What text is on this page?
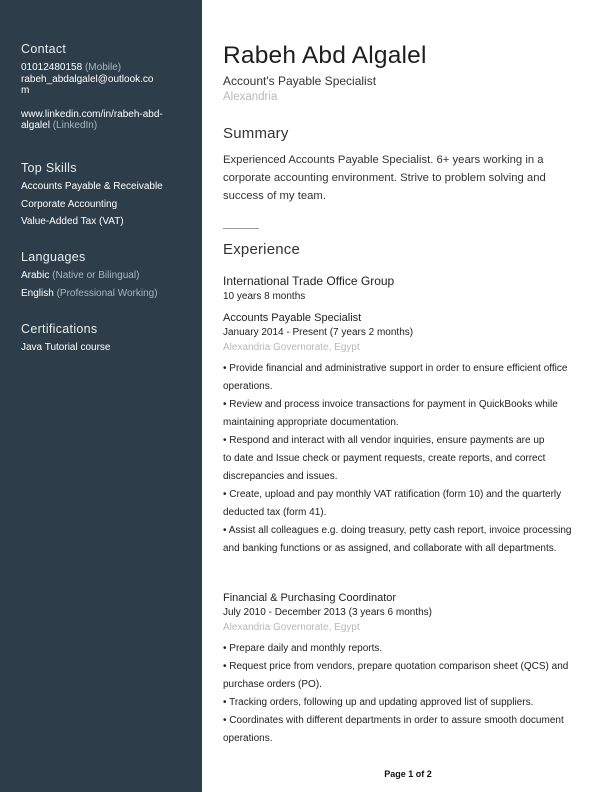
Contact
01012480158 (Mobile)
rabeh_abdalgalel@outlook.co
m
www.linkedin.com/in/rabeh-abd-
algalel (LinkedIn)
Top Skills
Accounts Payable & Receivable
Corporate Accounting
Value-Added Tax (VAT)
Languages
Arabic (Native or Bilingual)
English (Professional Working)
Certifications
Java Tutorial course
Rabeh Abd Algalel
Account's Payable Specialist
Alexandria
Summary
Experienced Accounts Payable Specialist. 6+ years working in a corporate accounting environment. Strive to problem solving and success of my team.
Experience
International Trade Office Group
10 years 8 months
Accounts Payable Specialist
January 2014 - Present (7 years 2 months)
Alexandria Governorate, Egypt

• Provide financial and administrative support in order to ensure efficient office operations.

• Review and process invoice transactions for payment in QuickBooks while maintaining appropriate documentation.

• Respond and interact with all vendor inquiries, ensure payments are up

to date and Issue check or payment requests, create reports, and correct discrepancies and issues.

• Create, upload and pay monthly VAT ratification (form 10) and the quarterly deducted tax (form 41).

• Assist all colleagues e.g. doing treasury, petty cash report, invoice processing and banking functions or as assigned, and collaborate with all departments.

Financial & Purchasing Coordinator
July 2010 - December 2013 (3 years 6 months)
Alexandria Governorate, Egypt

• Prepare daily and monthly reports.

• Request price from vendors, prepare quotation comparison sheet (QCS) and purchase orders (PO).

• Tracking orders, following up and updating approved list of suppliers.

• Coordinates with different departments in order to assure smooth document operations.

Page 1 of 2
